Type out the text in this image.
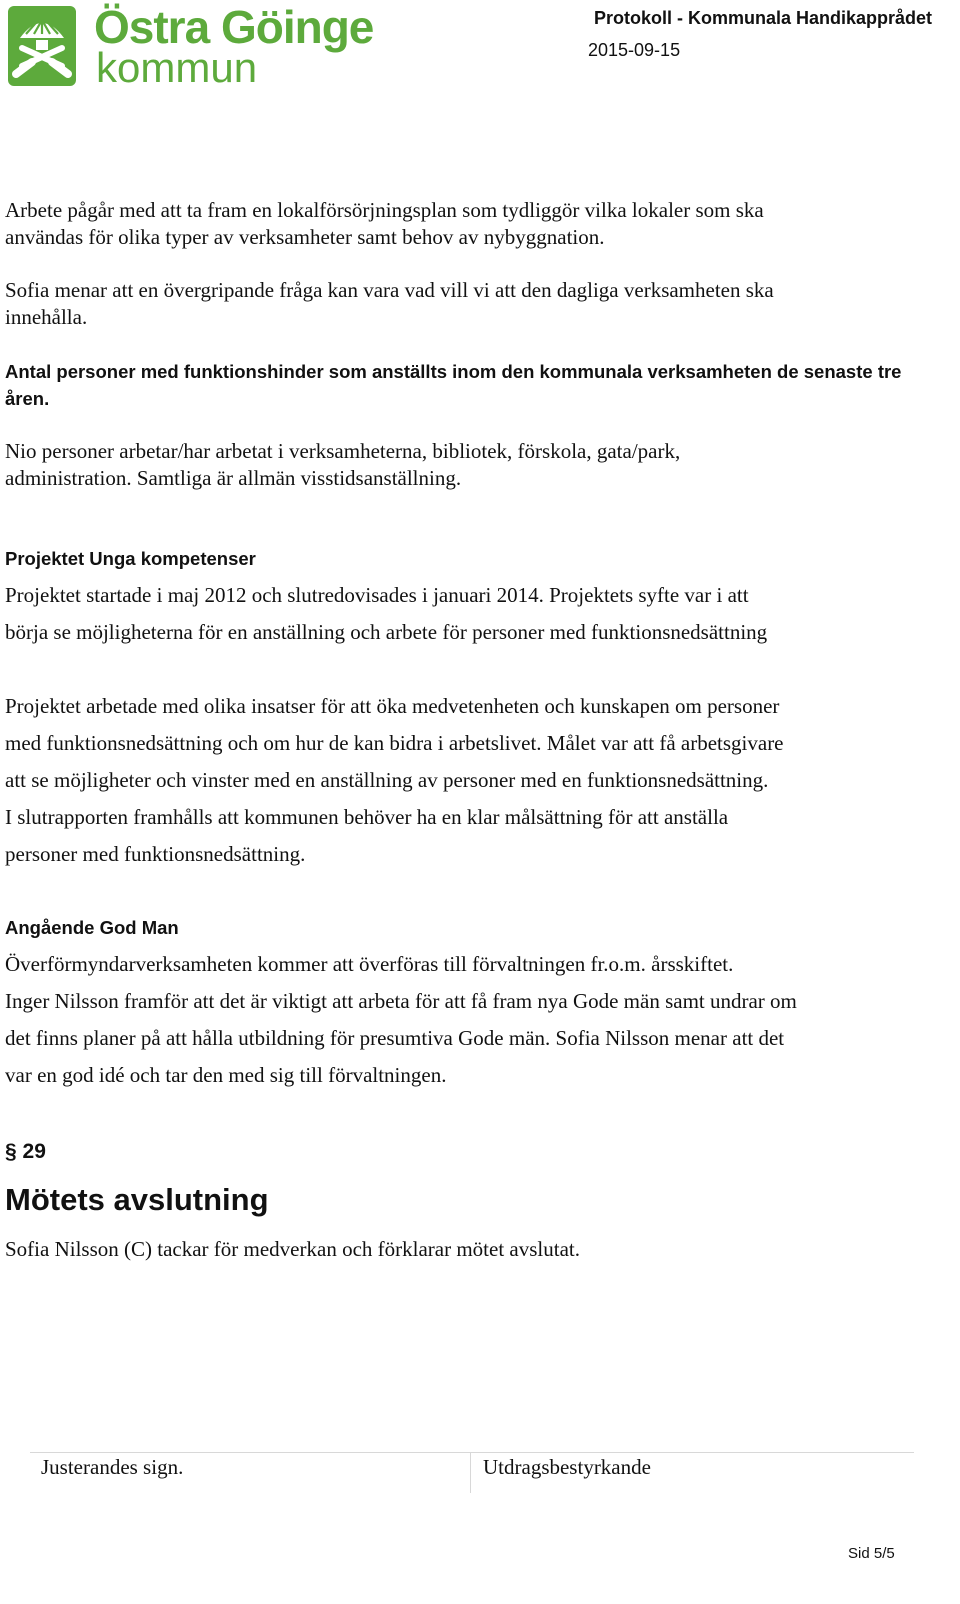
Östra Göinge
kommun
Protokoll - Kommunala Handikapprådet
2015-09-15
Arbete pågår med att ta fram en lokalförsörjningsplan som tydliggör vilka lokaler som ska
användas för olika typer av verksamheter samt behov av nybyggnation.
Sofia menar att en övergripande fråga kan vara vad vill vi att den dagliga verksamheten ska
innehålla.
Antal personer med funktionshinder som anställts inom den kommunala verksamheten de senaste tre åren.
Nio personer arbetar/har arbetat i verksamheterna, bibliotek, förskola, gata/park,
administration. Samtliga är allmän visstidsanställning.
Projektet Unga kompetenser
Projektet startade i maj 2012 och slutredovisades i januari 2014. Projektets syfte var i att
börja se möjligheterna för en anställning och arbete för personer med funktionsnedsättning
Projektet arbetade med olika insatser för att öka medvetenheten och kunskapen om personer
med funktionsnedsättning och om hur de kan bidra i arbetslivet. Målet var att få arbetsgivare
att se möjligheter och vinster med en anställning av personer med en funktionsnedsättning.
I slutrapporten framhålls att kommunen behöver ha en klar målsättning för att anställa
personer med funktionsnedsättning.
Angående God Man
Överförmyndarverksamheten kommer att överföras till förvaltningen fr.o.m. årsskiftet.
Inger Nilsson framför att det är viktigt att arbeta för att få fram nya Gode män samt undrar om
det finns planer på att hålla utbildning för presumtiva Gode män. Sofia Nilsson menar att det
var en god idé och tar den med sig till förvaltningen.
§ 29
Mötets avslutning
Sofia Nilsson (C) tackar för medverkan och förklarar mötet avslutat.
Justerandes sign.	Utdragsbestyrkande
Sid 5/5
